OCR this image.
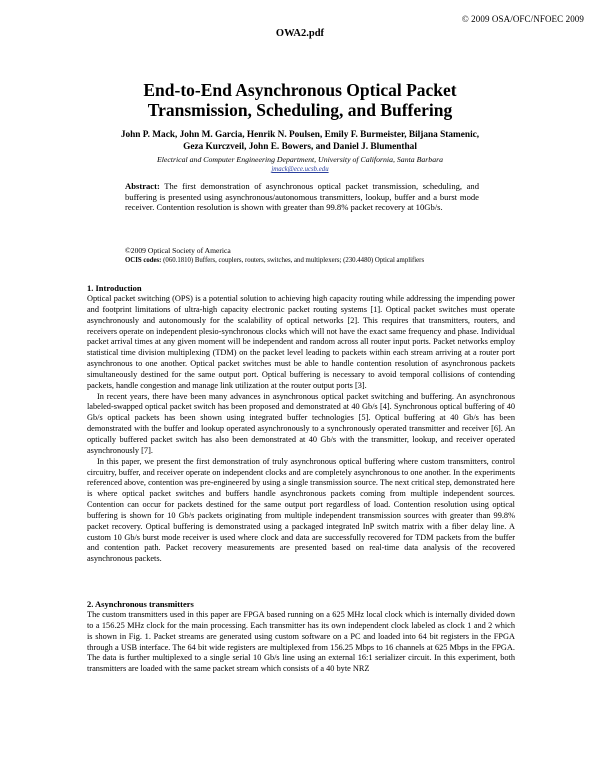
© 2009 OSA/OFC/NFOEC 2009
OWA2.pdf
End-to-End Asynchronous Optical Packet
Transmission, Scheduling, and Buffering
John P. Mack, John M. Garcia, Henrik N. Poulsen, Emily F. Burmeister, Biljana Stamenic,
Geza Kurczveil, John E. Bowers, and Daniel J. Blumenthal
Electrical and Computer Engineering Department, University of California, Santa Barbara
jmack@ece.ucsb.edu
Abstract: The first demonstration of asynchronous optical packet transmission, scheduling, and buffering is presented using asynchronous/autonomous transmitters, lookup, buffer and a burst mode receiver. Contention resolution is shown with greater than 99.8% packet recovery at 10Gb/s.
©2009 Optical Society of America
OCIS codes: (060.1810) Buffers, couplers, routers, switches, and multiplexers; (230.4480) Optical amplifiers

1. Introduction

Optical packet switching (OPS) is a potential solution to achieving high capacity routing while addressing the impending power and footprint limitations of ultra-high capacity electronic packet routing systems [1]. Optical packet switches must operate asynchronously and autonomously for the scalability of optical networks [2]. This requires that transmitters, routers, and receivers operate on independent plesio-synchronous clocks which will not have the exact same frequency and phase. Individual packet arrival times at any given moment will be independent and random across all router input ports. Packet networks employ statistical time division multiplexing (TDM) on the packet level leading to packets within each stream arriving at a router port asynchronous to one another. Optical packet switches must be able to handle contention resolution of asynchronous packets simultaneously destined for the same output port. Optical buffering is necessary to avoid temporal collisions of contending packets, handle congestion and manage link utilization at the router output ports [3].

In recent years, there have been many advances in asynchronous optical packet switching and buffering. An asynchronous labeled-swapped optical packet switch has been proposed and demonstrated at 40 Gb/s [4]. Synchronous optical buffering of 40 Gb/s optical packets has been shown using integrated buffer technologies [5]. Optical buffering at 40 Gb/s has been demonstrated with the buffer and lookup operated asynchronously to a synchronously operated transmitter and receiver [6]. An optically buffered packet switch has also been demonstrated at 40 Gb/s with the transmitter, lookup, and receiver operated asynchronously [7].

In this paper, we present the first demonstration of truly asynchronous optical buffering where custom transmitters, control circuitry, buffer, and receiver operate on independent clocks and are completely asynchronous to one another. In the experiments referenced above, contention was pre-engineered by using a single transmission source. The next critical step, demonstrated here is where optical packet switches and buffers handle asynchronous packets coming from multiple independent sources. Contention can occur for packets destined for the same output port regardless of load. Contention resolution using optical buffering is shown for 10 Gb/s packets originating from multiple independent transmission sources with greater than 99.8% packet recovery. Optical buffering is demonstrated using a packaged integrated InP switch matrix with a fiber delay line. A custom 10 Gb/s burst mode receiver is used where clock and data are successfully recovered for TDM packets from the buffer and contention path. Packet recovery measurements are presented based on real-time data analysis of the recovered asynchronous packets.

2. Asynchronous transmitters

The custom transmitters used in this paper are FPGA based running on a 625 MHz local clock which is internally divided down to a 156.25 MHz clock for the main processing. Each transmitter has its own independent clock labeled as clock 1 and 2 which is shown in Fig. 1. Packet streams are generated using custom software on a PC and loaded into 64 bit registers in the FPGA through a USB interface. The 64 bit wide registers are multiplexed from 156.25 Mbps to 16 channels at 625 Mbps in the FPGA. The data is further multiplexed to a single serial 10 Gb/s line using an external 16:1 serializer circuit. In this experiment, both transmitters are loaded with the same packet stream which consists of a 40 byte NRZ
